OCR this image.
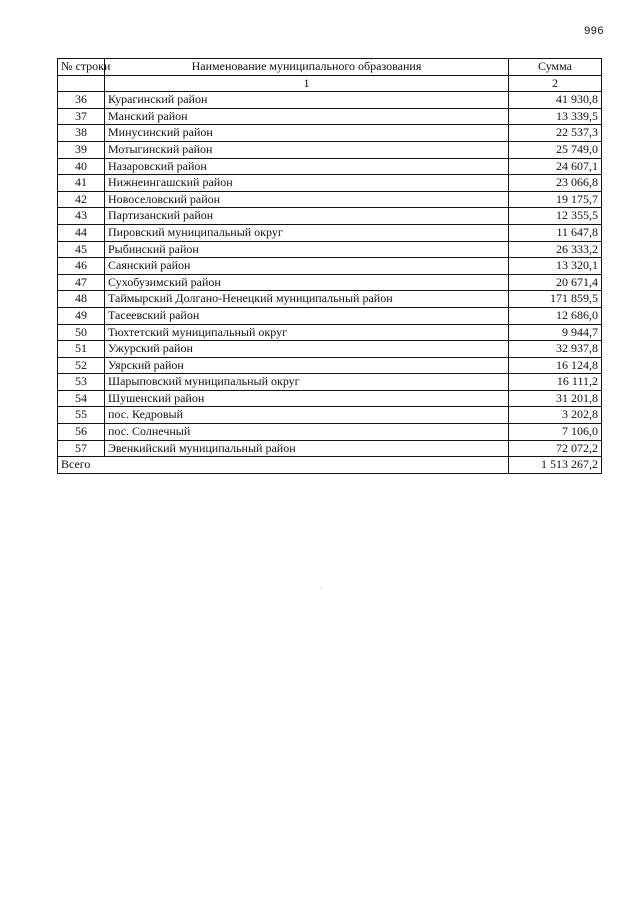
996
№ строки	Наименование муниципального образования	Сумма
	1	2
36	Курагинский район	41 930,8
37	Манский район	13 339,5
38	Минусинский район	22 537,3
39	Мотыгинский район	25 749,0
40	Назаровский район	24 607,1
41	Нижнеингашский район	23 066,8
42	Новоселовский район	19 175,7
43	Партизанский район	12 355,5
44	Пировский муниципальный округ	11 647,8
45	Рыбинский район	26 333,2
46	Саянский район	13 320,1
47	Сухобузимский район	20 671,4
48	Таймырский Долгано-Ненецкий муниципальный район	171 859,5
49	Тасеевский район	12 686,0
50	Тюхтетский муниципальный округ	9 944,7
51	Ужурский район	32 937,8
52	Уярский район	16 124,8
53	Шарыповский муниципальный округ	16 111,2
54	Шушенский район	31 201,8
55	пос. Кедровый	3 202,8
56	пос. Солнечный	7 106,0
57	Эвенкийский муниципальный район	72 072,2
Всего		1 513 267,2
